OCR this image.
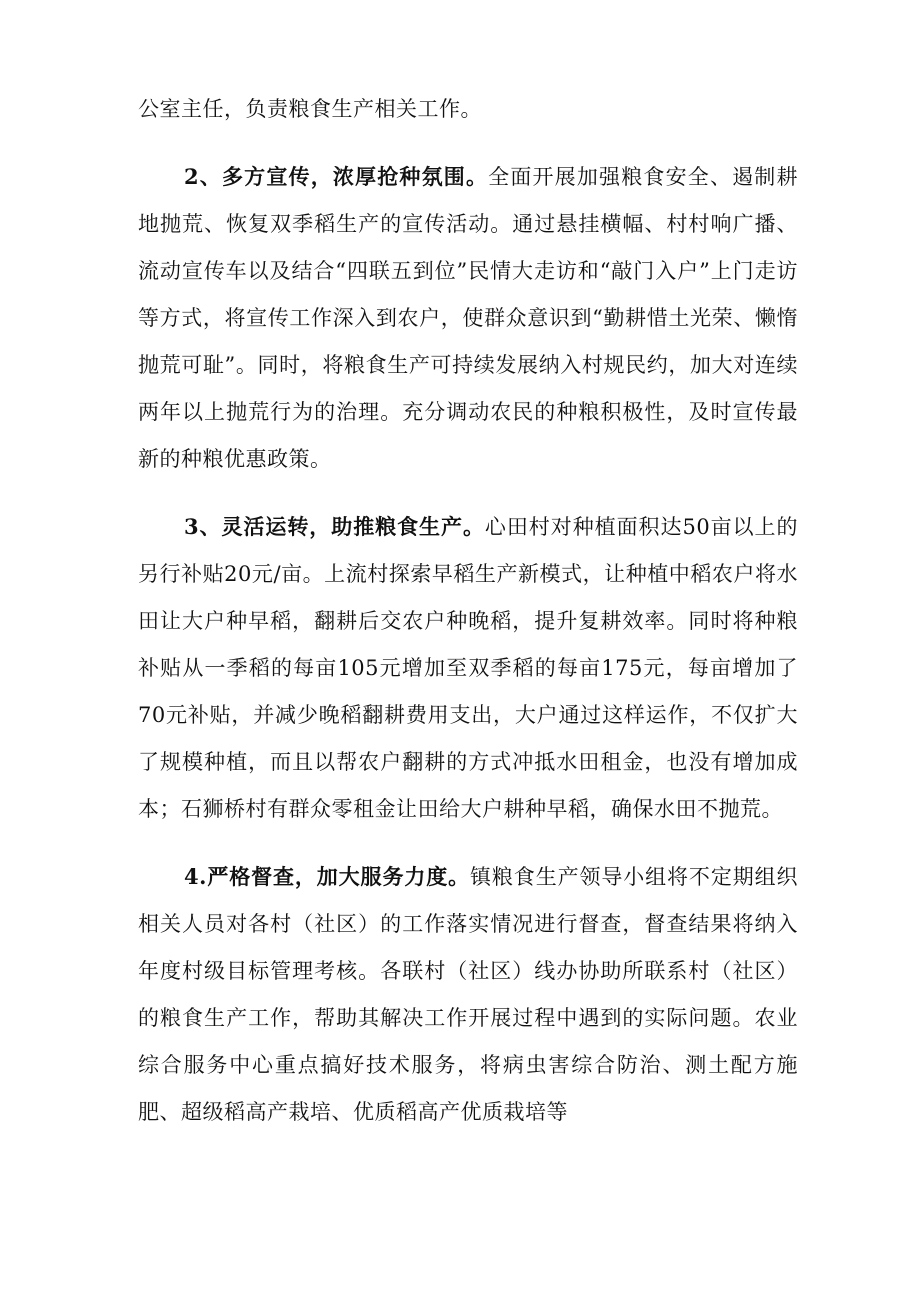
公室主任，负责粮食生产相关工作。

2、多方宣传，浓厚抢种氛围。全面开展加强粮食安全、遏制耕地抛荒、恢复双季稻生产的宣传活动。通过悬挂横幅、村村响广播、流动宣传车以及结合“四联五到位”民情大走访和“敲门入户”上门走访等方式，将宣传工作深入到农户，使群众意识到“勤耕惜土光荣、懒惰抛荒可耻”。同时，将粮食生产可持续发展纳入村规民约，加大对连续两年以上抛荒行为的治理。充分调动农民的种粮积极性，及时宣传最新的种粮优惠政策。

3、灵活运转，助推粮食生产。心田村对种植面积达50亩以上的另行补贴20元/亩。上流村探索早稻生产新模式，让种植中稻农户将水田让大户种早稻，翻耕后交农户种晚稻，提升复耕效率。同时将种粮补贴从一季稻的每亩105元增加至双季稻的每亩175元，每亩增加了70元补贴，并减少晚稻翻耕费用支出，大户通过这样运作，不仅扩大了规模种植，而且以帮农户翻耕的方式冲抵水田租金，也没有增加成本；石狮桥村有群众零租金让田给大户耕种早稻，确保水田不抛荒。

4.严格督查，加大服务力度。镇粮食生产领导小组将不定期组织相关人员对各村（社区）的工作落实情况进行督查，督查结果将纳入年度村级目标管理考核。各联村（社区）线办协助所联系村（社区）的粮食生产工作，帮助其解决工作开展过程中遇到的实际问题。农业综合服务中心重点搞好技术服务，将病虫害综合防治、测土配方施肥、超级稻高产栽培、优质稻高产优质栽培等
